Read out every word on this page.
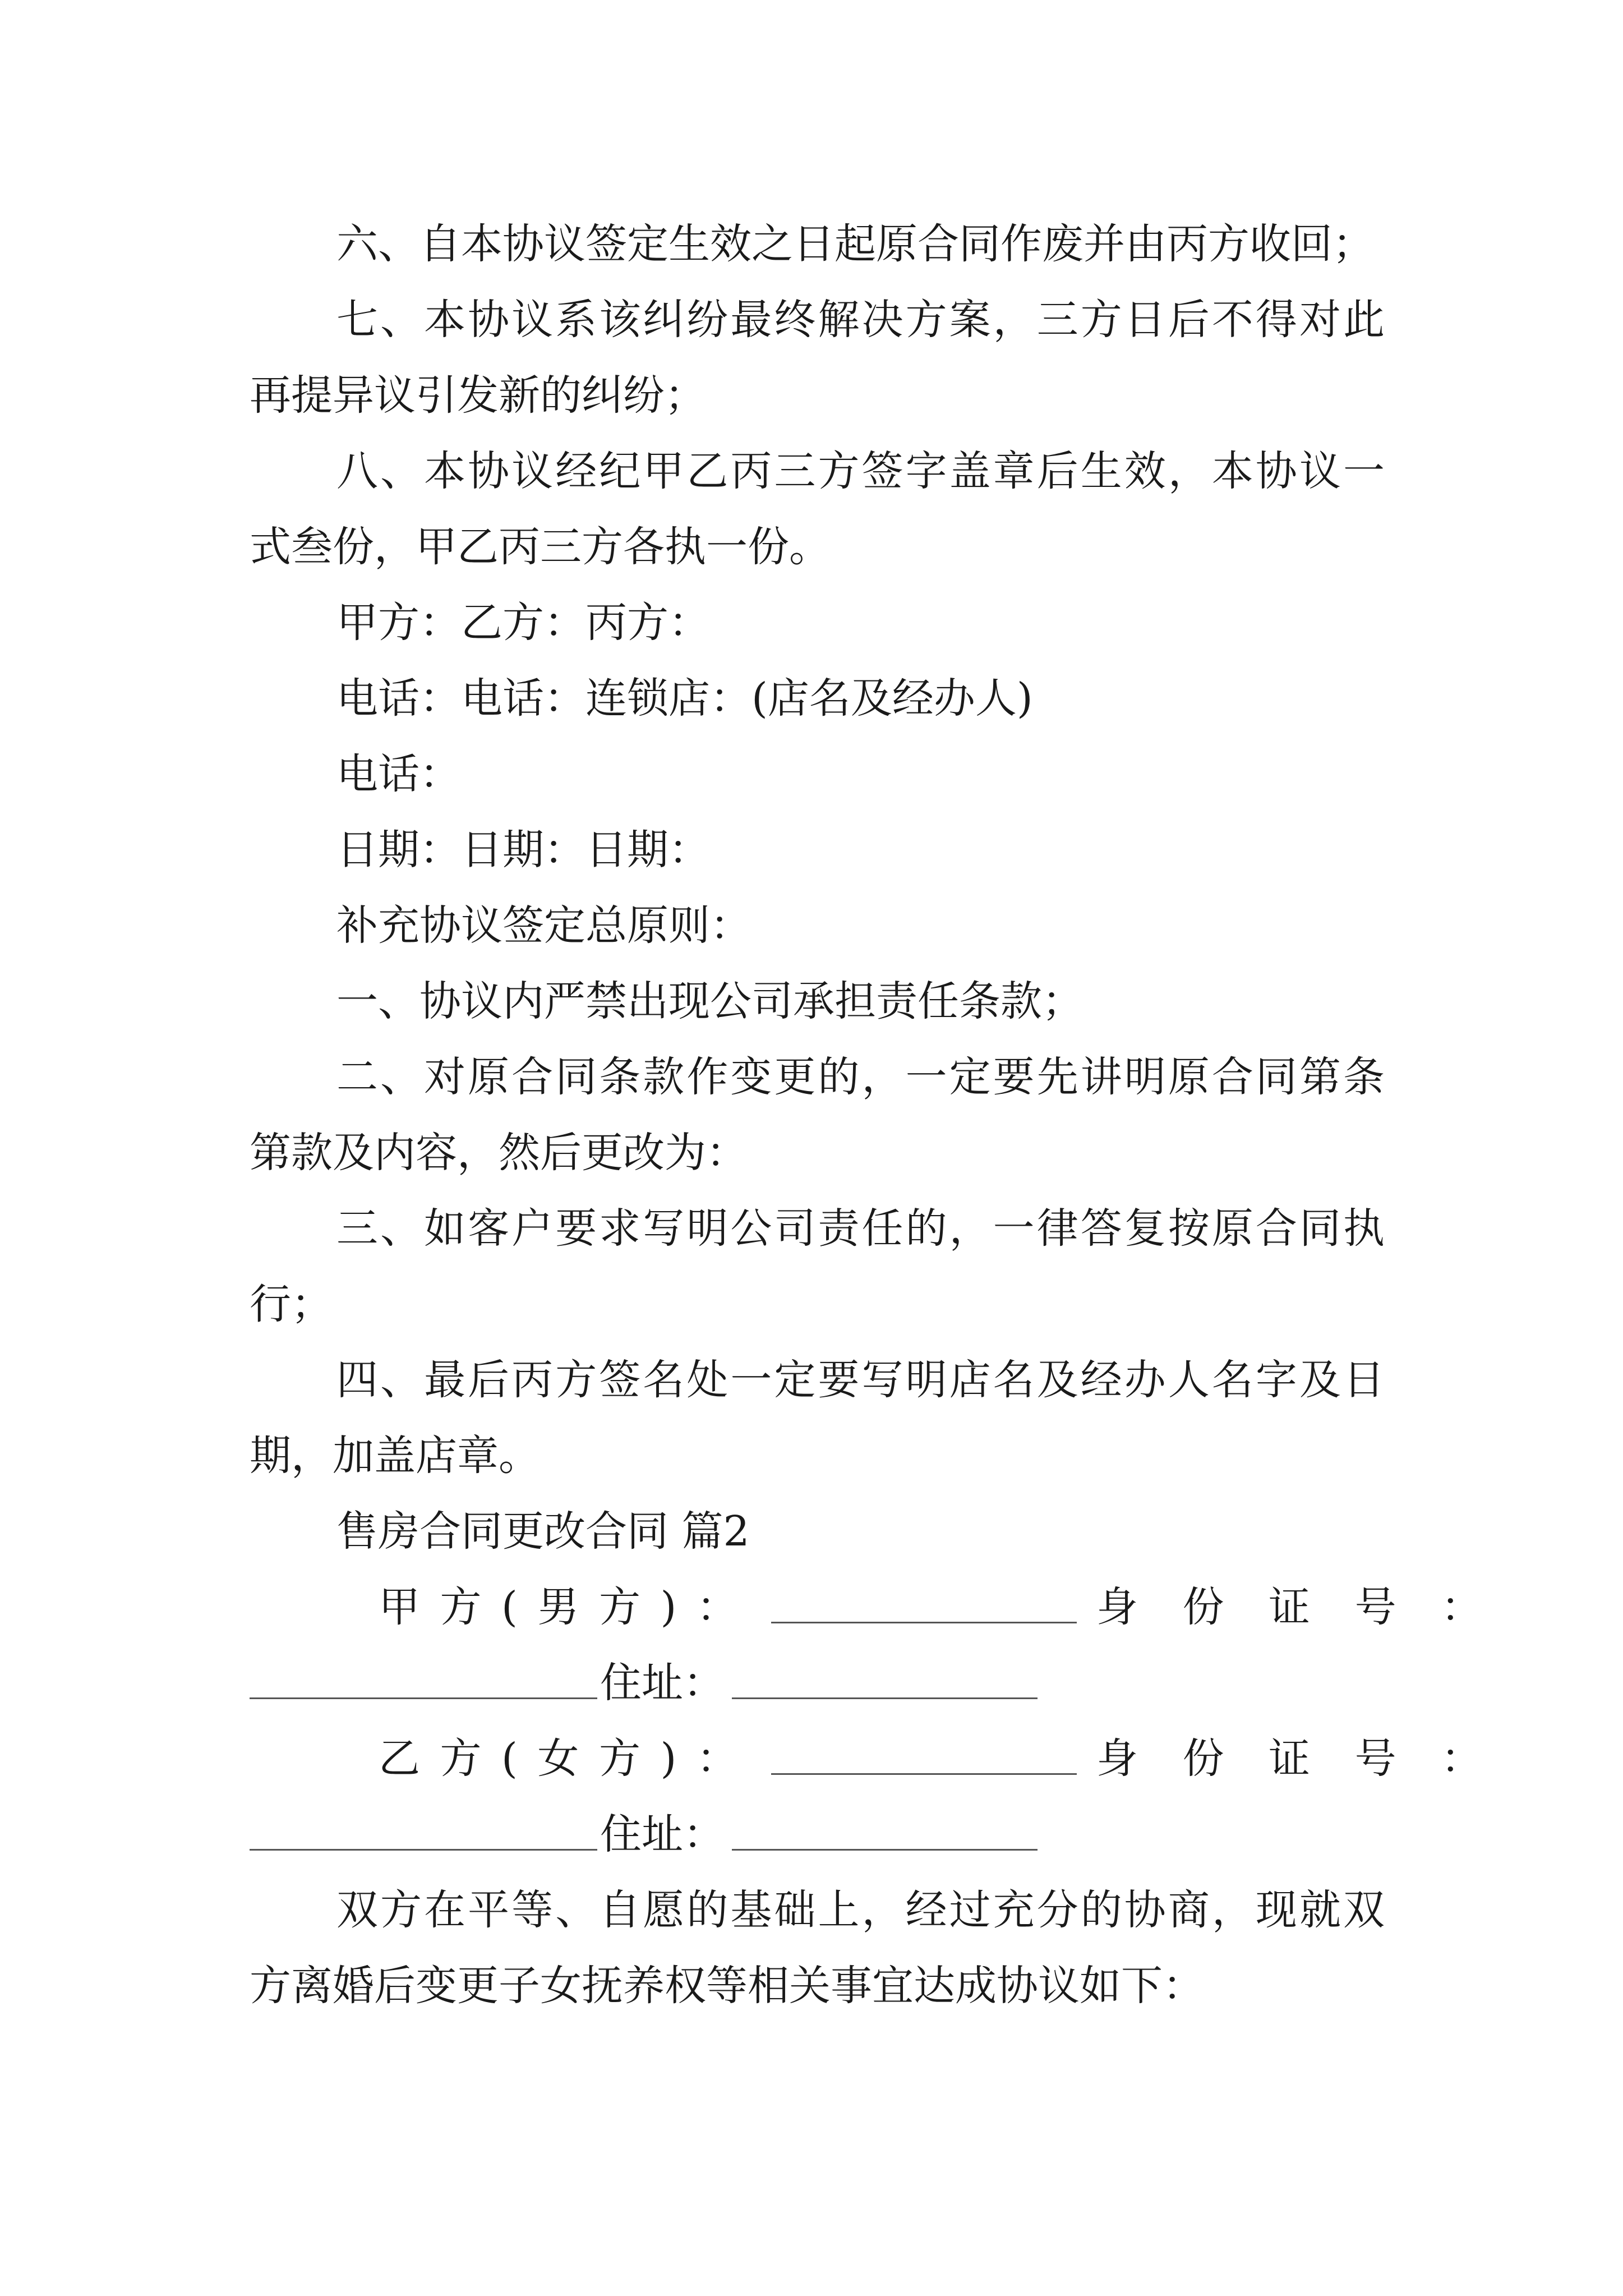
六、自本协议签定生效之日起原合同作废并由丙方收回；
七、本协议系该纠纷最终解决方案，三方日后不得对此
再提异议引发新的纠纷；
八、本协议经纪甲乙丙三方签字盖章后生效，本协议一
式叁份，甲乙丙三方各执一份。
甲方：乙方：丙方：
电话：电话：连锁店：(店名及经办人)
电话：
日期：日期：日期：
补充协议签定总原则：
一、协议内严禁出现公司承担责任条款；
二、对原合同条款作变更的，一定要先讲明原合同第条
第款及内容，然后更改为：
三、如客户要求写明公司责任的，一律答复按原合同执
行；
四、最后丙方签名处一定要写明店名及经办人名字及日
期，加盖店章。
售房合同更改合同 篇2
甲 方 ( 男 方 ) ：	身 份 证 号 ：
住址：
乙 方 ( 女 方 ) ：	身 份 证 号 ：
住址：
双方在平等、自愿的基础上，经过充分的协商，现就双
方离婚后变更子女抚养权等相关事宜达成协议如下：
